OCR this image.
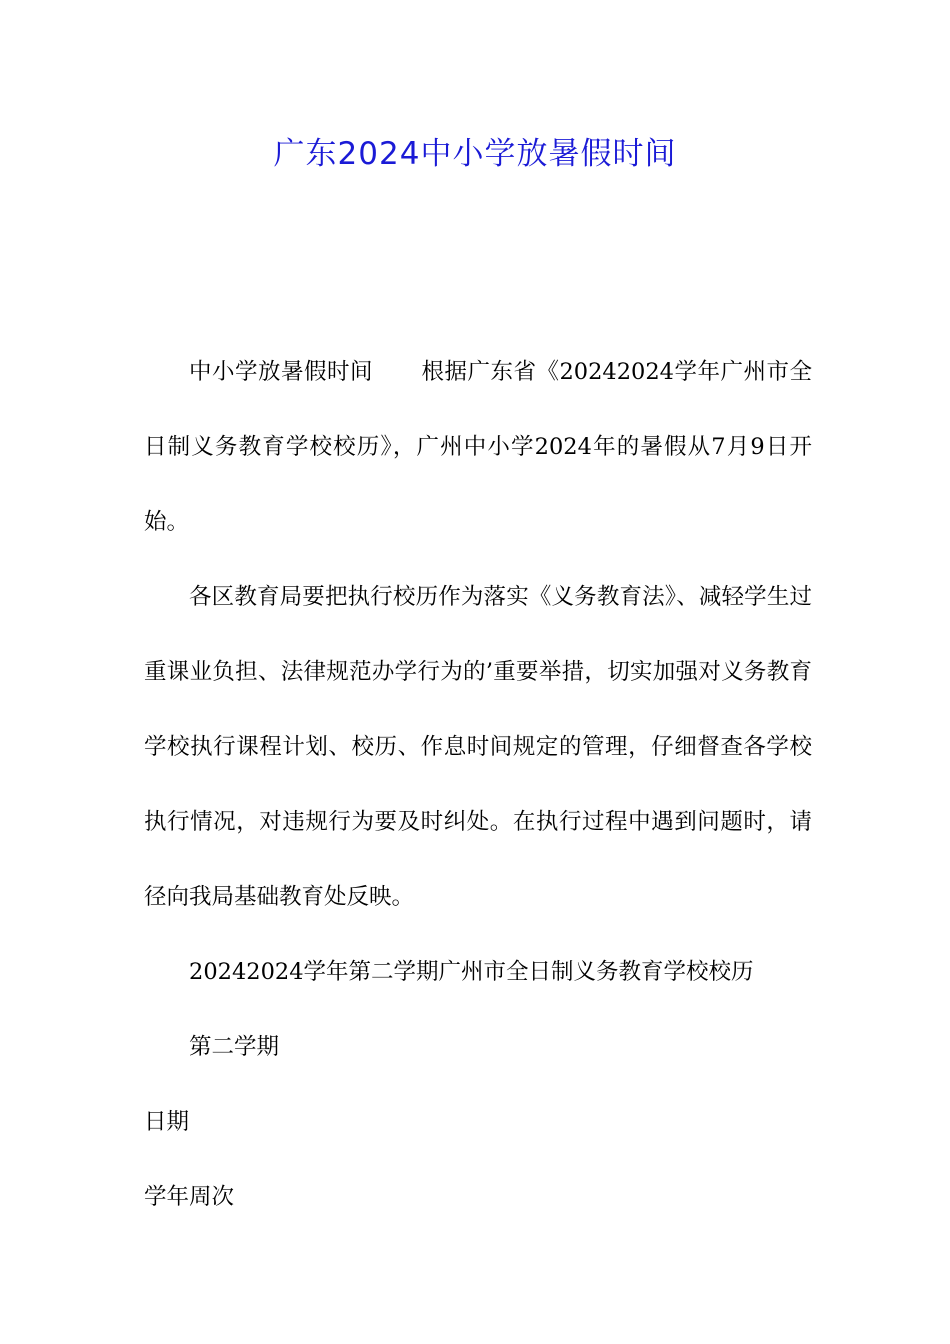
广东2024中小学放暑假时间

中小学放暑假时间 根据广东省《20242024学年广州市全日制义务教育学校校历》，广州中小学2024年的暑假从7月9日开始。

各区教育局要把执行校历作为落实《义务教育法》、减轻学生过重课业负担、法律规范办学行为的’重要举措，切实加强对义务教育学校执行课程计划、校历、作息时间规定的管理，仔细督查各学校执行情况，对违规行为要及时纠处。在执行过程中遇到问题时，请径向我局基础教育处反映。

20242024学年第二学期广州市全日制义务教育学校校历

第二学期

日期

学年周次
